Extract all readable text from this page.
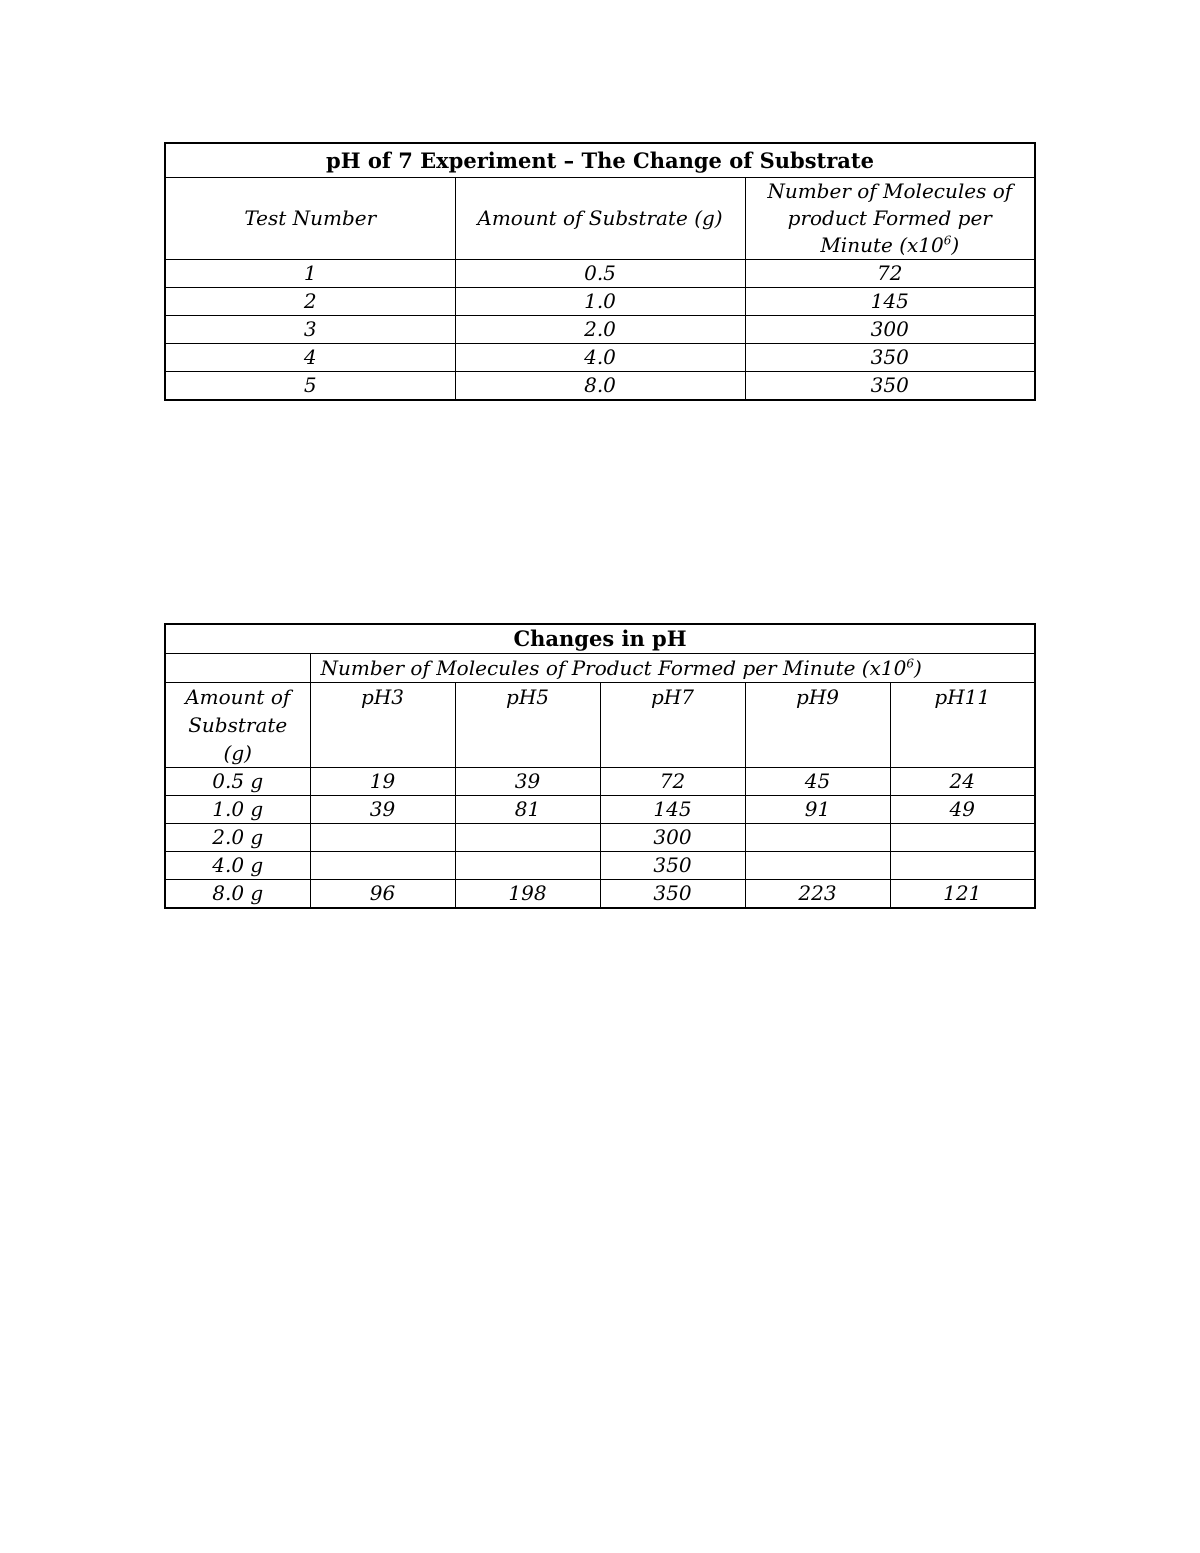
pH of 7 Experiment – The Change of Substrate		
Test Number	Amount of Substrate (g)	Number of Molecules of product Formed per Minute $(x10^6)$
1	0.5	72
2	1.0	145
3	2.0	300
4	4.0	350
5	8.0	350
Changes in pH					
	Number of Molecules of Product Formed per Minute $(x10^6)$				
Amount of Substrate (g)	pH3	pH5	pH7	pH9	pH11
0.5 g	19	39	72	45	24
1.0 g	39	81	145	91	49
2.0 g			300		
4.0 g			350		
8.0 g	96	198	350	223	121
